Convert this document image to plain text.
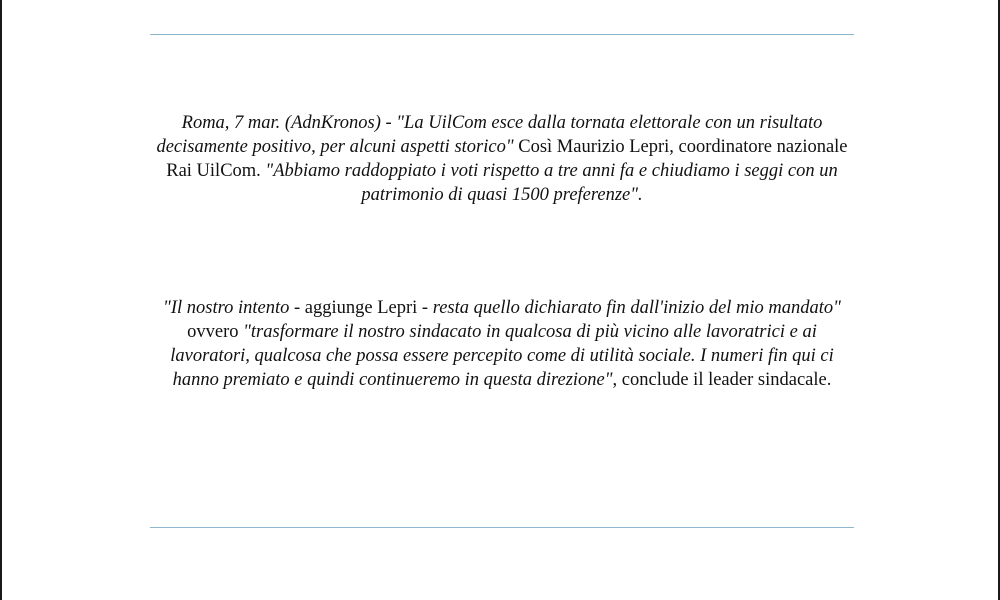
Roma, 7 mar. (AdnKronos) - "La UilCom esce dalla tornata elettorale con un risultato decisamente positivo, per alcuni aspetti storico" Così Maurizio Lepri, coordinatore nazionale Rai UilCom. "Abbiamo raddoppiato i voti rispetto a tre anni fa e chiudiamo i seggi con un patrimonio di quasi 1500 preferenze".

"Il nostro intento - aggiunge Lepri - resta quello dichiarato fin dall'inizio del mio mandato" ovvero "trasformare il nostro sindacato in qualcosa di più vicino alle lavoratrici e ai lavoratori, qualcosa che possa essere percepito come di utilità sociale. I numeri fin qui ci hanno premiato e quindi continueremo in questa direzione", conclude il leader sindacale.
